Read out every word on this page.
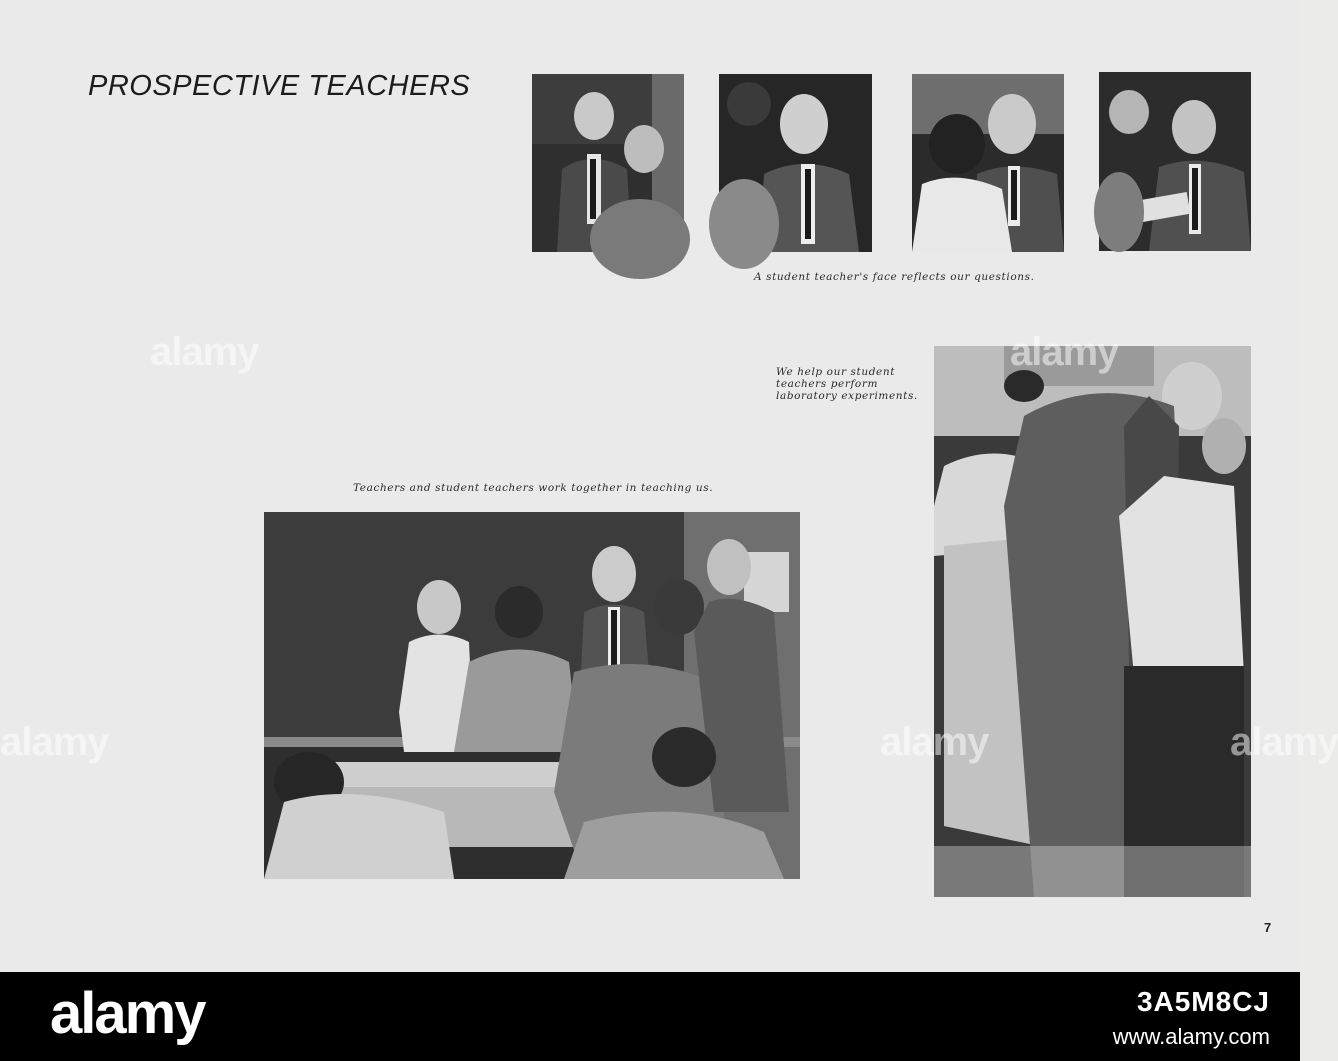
PROSPECTIVE TEACHERS

A student teacher's face reflects our questions.

We help our student
teachers perform
laboratory experiments.

Teachers and student teachers work together in teaching us.

7
alamy	alamy
alamy
alamy	alamy
alamy	3A5M8CJ
www.alamy.com
